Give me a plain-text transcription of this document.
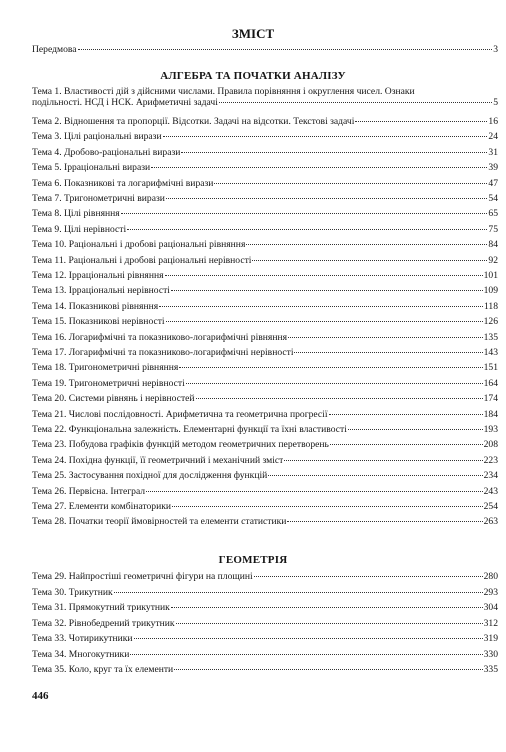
ЗМІСТ
Передмова	3
АЛГЕБРА ТА ПОЧАТКИ АНАЛІЗУ
Тема 1. Властивості дій з дійсними числами. Правила порівняння і округлення чисел. Ознаки
подільності. НСД і НСК. Арифметичні задачі	5
Тема 2. Відношення та пропорції. Відсотки. Задачі на відсотки. Текстові задачі	16
Тема 3. Цілі раціональні вирази	24
Тема 4. Дробово-раціональні вирази	31
Тема 5. Ірраціональні вирази	39
Тема 6. Показникові та логарифмічні вирази	47
Тема 7. Тригонометричні вирази	54
Тема 8. Цілі рівняння	65
Тема 9. Цілі нерівності	75
Тема 10. Раціональні і дробові раціональні рівняння	84
Тема 11. Раціональні і дробові раціональні нерівності	92
Тема 12. Ірраціональні рівняння	101
Тема 13. Ірраціональні нерівності	109
Тема 14. Показникові рівняння	118
Тема 15. Показникові нерівності	126
Тема 16. Логарифмічні та показниково-логарифмічні рівняння	135
Тема 17. Логарифмічні та показниково-логарифмічні нерівності	143
Тема 18. Тригонометричні рівняння	151
Тема 19. Тригонометричні нерівності	164
Тема 20. Системи рівнянь і нерівностей	174
Тема 21. Числові послідовності. Арифметична та геометрична прогресії	184
Тема 22. Функціональна залежність. Елементарні функції та їхні властивості	193
Тема 23. Побудова графіків функцій методом геометричних перетворень	208
Тема 24. Похідна функції, її геометричний і механічний зміст	223
Тема 25. Застосування похідної для дослідження функцій	234
Тема 26. Первісна. Інтеграл	243
Тема 27. Елементи комбінаторики	254
Тема 28. Початки теорії ймовірностей та елементи статистики	263
ГЕОМЕТРІЯ
Тема 29. Найпростіші геометричні фігури на площині	280
Тема 30. Трикутник	293
Тема 31. Прямокутний трикутник	304
Тема 32. Рівнобедрений трикутник	312
Тема 33. Чотирикутники	319
Тема 34. Многокутники	330
Тема 35. Коло, круг та їх елементи	335
446
